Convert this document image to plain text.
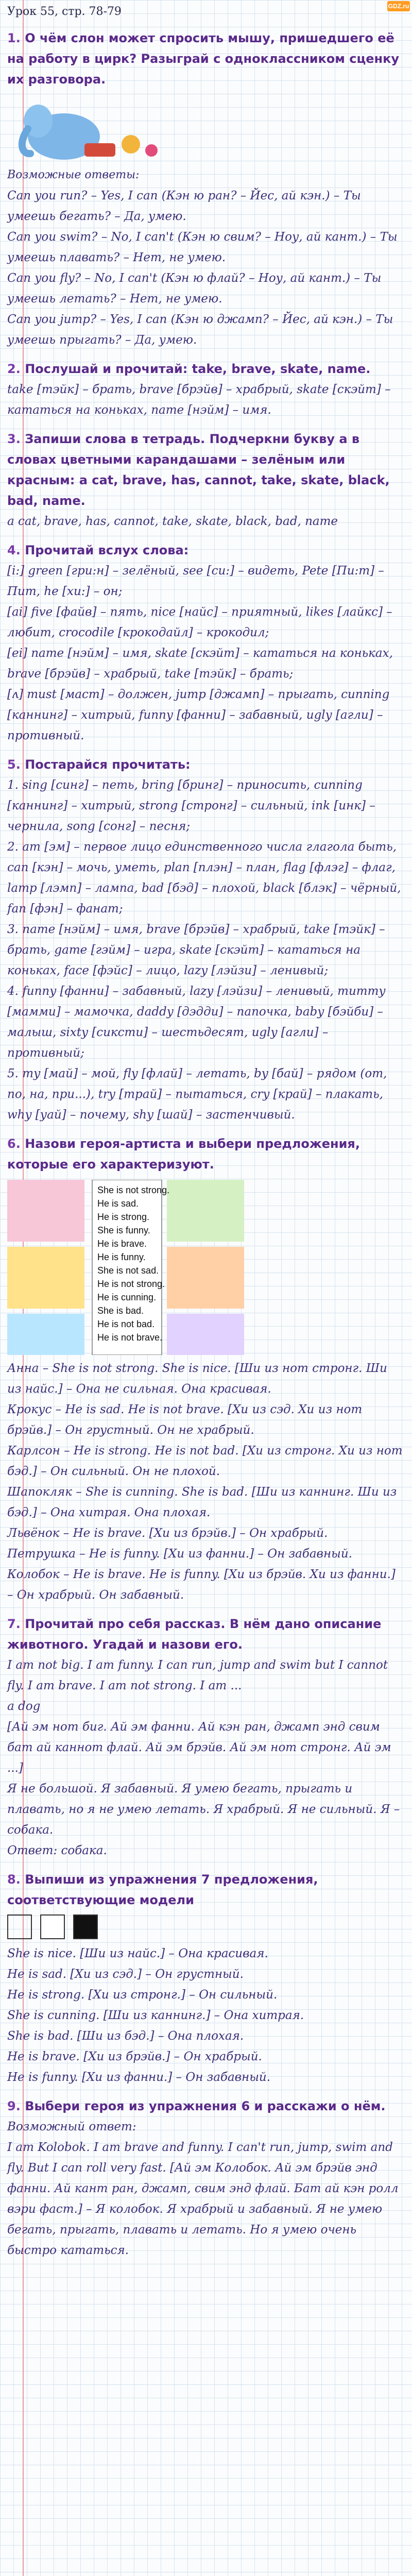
GDZ.ru
Урок 55, стр. 78-79
1. О чём слон может спросить мышу, пришедшего её на работу в цирк? Разыграй с одноклассником сценку их разговора.
Возможные ответы:
Can you run? – Yes, I can (Кэн ю ран? – Йес, ай кэн.) – Ты умеешь бегать? – Да, умею.
Can you swim? – No, I can't (Кэн ю свим? – Ноу, ай кант.) – Ты умеешь плавать? – Нет, не умею.
Can you fly? – No, I can't (Кэн ю флай? – Ноу, ай кант.) – Ты умеешь летать? – Нет, не умею.
Can you jump? – Yes, I can (Кэн ю джамп? – Йес, ай кэн.) – Ты умеешь прыгать? – Да, умею.
2. Послушай и прочитай: take, brave, skate, name.
take [тэйк] – брать, brave [брэйв] – храбрый, skate [скэйт] – кататься на коньках, name [нэйм] – имя.
3. Запиши слова в тетрадь. Подчеркни букву а в словах цветными карандашами – зелёным или красным: a cat, brave, has, cannot, take, skate, black, bad, name.
a cat, brave, has, cannot, take, skate, black, bad, name
4. Прочитай вслух слова:
[i:] green [гри:н] – зелёный, see [си:] – видеть, Pete [Пи:т] – Пит, he [хи:] – он;
[ai] five [файв] – пять, nice [найс] – приятный, likes [лайкс] – любит, crocodile [крокодайл] – крокодил;
[ei] name [нэйм] – имя, skate [скэйт] – кататься на коньках, brave [брэйв] – храбрый, take [тэйк] – брать;
[ʌ] must [маст] – должен, jump [джамп] – прыгать, cunning [каннинг] – хитрый, funny [фанни] – забавный, ugly [агли] – противный.
5. Постарайся прочитать:
1. sing [синг] – петь, bring [бринг] – приносить, cunning [каннинг] – хитрый, strong [стронг] – сильный, ink [инк] – чернила, song [сонг] – песня;
2. am [эм] – первое лицо единственного числа глагола быть, can [кэн] – мочь, уметь, plan [плэн] – план, flag [флэг] – флаг, lamp [лэмп] – лампа, bad [бэд] – плохой, black [блэк] – чёрный, fan [фэн] – фанат;
3. name [нэйм] – имя, brave [брэйв] – храбрый, take [тэйк] – брать, game [гэйм] – игра, skate [скэйт] – кататься на коньках, face [фэйс] – лицо, lazy [лэйзи] – ленивый;
4. funny [фанни] – забавный, lazy [лэйзи] – ленивый, mummy [мамми] – мамочка, daddy [дэдди] – папочка, baby [бэйби] – малыш, sixty [сиксти] – шестьдесят, ugly [агли] – противный;
5. my [май] – мой, fly [флай] – летать, by [бай] – рядом (от, по, на, при...), try [трай] – пытаться, cry [край] – плакать, why [уай] – почему, shy [шай] – застенчивый.
6. Назови героя-артиста и выбери предложения, которые его характеризуют.
She is not strong.
He is sad.
He is strong.
She is funny.
He is brave.
He is funny.
She is not sad.
He is not strong.
He is cunning.
She is bad.
He is not bad.
He is not brave.
Анна – She is not strong. She is nice. [Ши из нот стронг. Ши из найс.] – Она не сильная. Она красивая.
Крокус – He is sad. He is not brave. [Хи из сэд. Хи из нот брэйв.] – Он грустный. Он не храбрый.
Карлсон – He is strong. He is not bad. [Хи из стронг. Хи из нот бэд.] – Он сильный. Он не плохой.
Шапокляк – She is cunning. She is bad. [Ши из каннинг. Ши из бэд.] – Она хитрая. Она плохая.
Львёнок – He is brave. [Хи из брэйв.] – Он храбрый.
Петрушка – He is funny. [Хи из фанни.] – Он забавный.
Колобок – He is brave. He is funny. [Хи из брэйв. Хи из фанни.] – Он храбрый. Он забавный.
7. Прочитай про себя рассказ. В нём дано описание животного. Угадай и назови его.
I am not big. I am funny. I can run, jump and swim but I cannot fly. I am brave. I am not strong. I am ...
a dog
[Ай эм нот биг. Ай эм фанни. Ай кэн ран, джамп энд свим бат ай каннот флай. Ай эм брэйв. Ай эм нот стронг. Ай эм ...]
Я не большой. Я забавный. Я умею бегать, прыгать и плавать, но я не умею летать. Я храбрый. Я не сильный. Я – собака.
Ответ: собака.
8. Выпиши из упражнения 7 предложения, соответствующие модели
She is nice. [Ши из найс.] – Она красивая.
He is sad. [Хи из сэд.] – Он грустный.
He is strong. [Хи из стронг.] – Он сильный.
She is cunning. [Ши из каннинг.] – Она хитрая.
She is bad. [Ши из бэд.] – Она плохая.
He is brave. [Хи из брэйв.] – Он храбрый.
He is funny. [Хи из фанни.] – Он забавный.
9. Выбери героя из упражнения 6 и расскажи о нём.
Возможный ответ:
I am Kolobok. I am brave and funny. I can't run, jump, swim and fly. But I can roll very fast. [Ай эм Колобок. Ай эм брэйв энд фанни. Ай кант ран, джамп, свим энд флай. Бат ай кэн ролл вэри фаст.] – Я колобок. Я храбрый и забавный. Я не умею бегать, прыгать, плавать и летать. Но я умею очень быстро кататься.
